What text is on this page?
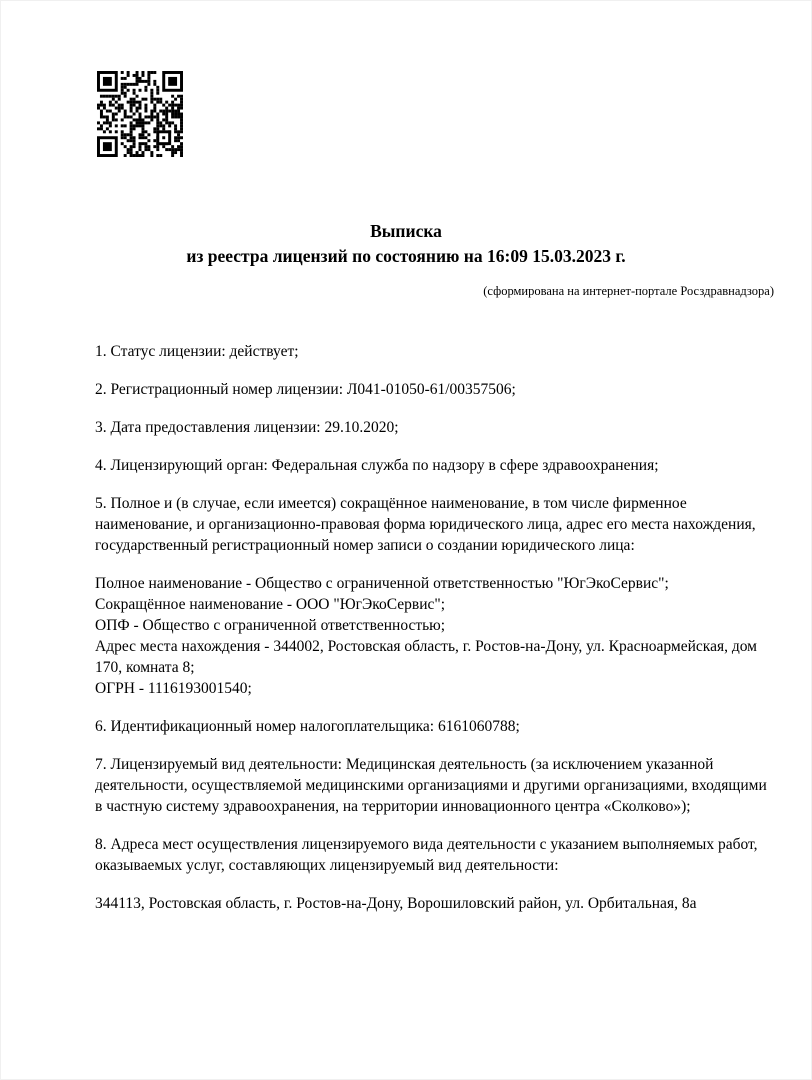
Выписка
из реестра лицензий по состоянию на 16:09 15.03.2023 г.
(сформирована на интернет-портале Росздравнадзора)
1. Статус лицензии: действует;
2. Регистрационный номер лицензии: Л041-01050-61/00357506;
3. Дата предоставления лицензии: 29.10.2020;
4. Лицензирующий орган: Федеральная служба по надзору в сфере здравоохранения;
5. Полное и (в случае, если имеется) сокращённое наименование, в том числе фирменное наименование, и организационно-правовая форма юридического лица, адрес его места нахождения, государственный регистрационный номер записи о создании юридического лица:
Полное наименование - Общество с ограниченной ответственностью "ЮгЭкоСервис";
Сокращённое наименование - ООО "ЮгЭкоСервис";
ОПФ - Общество с ограниченной ответственностью;
Адрес места нахождения - 344002, Ростовская область, г. Ростов-на-Дону, ул. Красноармейская, дом 170, комната 8;
ОГРН - 1116193001540;
6. Идентификационный номер налогоплательщика: 6161060788;
7. Лицензируемый вид деятельности: Медицинская деятельность (за исключением указанной деятельности, осуществляемой медицинскими организациями и другими организациями, входящими в частную систему здравоохранения, на территории инновационного центра «Сколково»);
8. Адреса мест осуществления лицензируемого вида деятельности с указанием выполняемых работ, оказываемых услуг, составляющих лицензируемый вид деятельности:
344113, Ростовская область, г. Ростов-на-Дону, Ворошиловский район, ул. Орбитальная, 8а
